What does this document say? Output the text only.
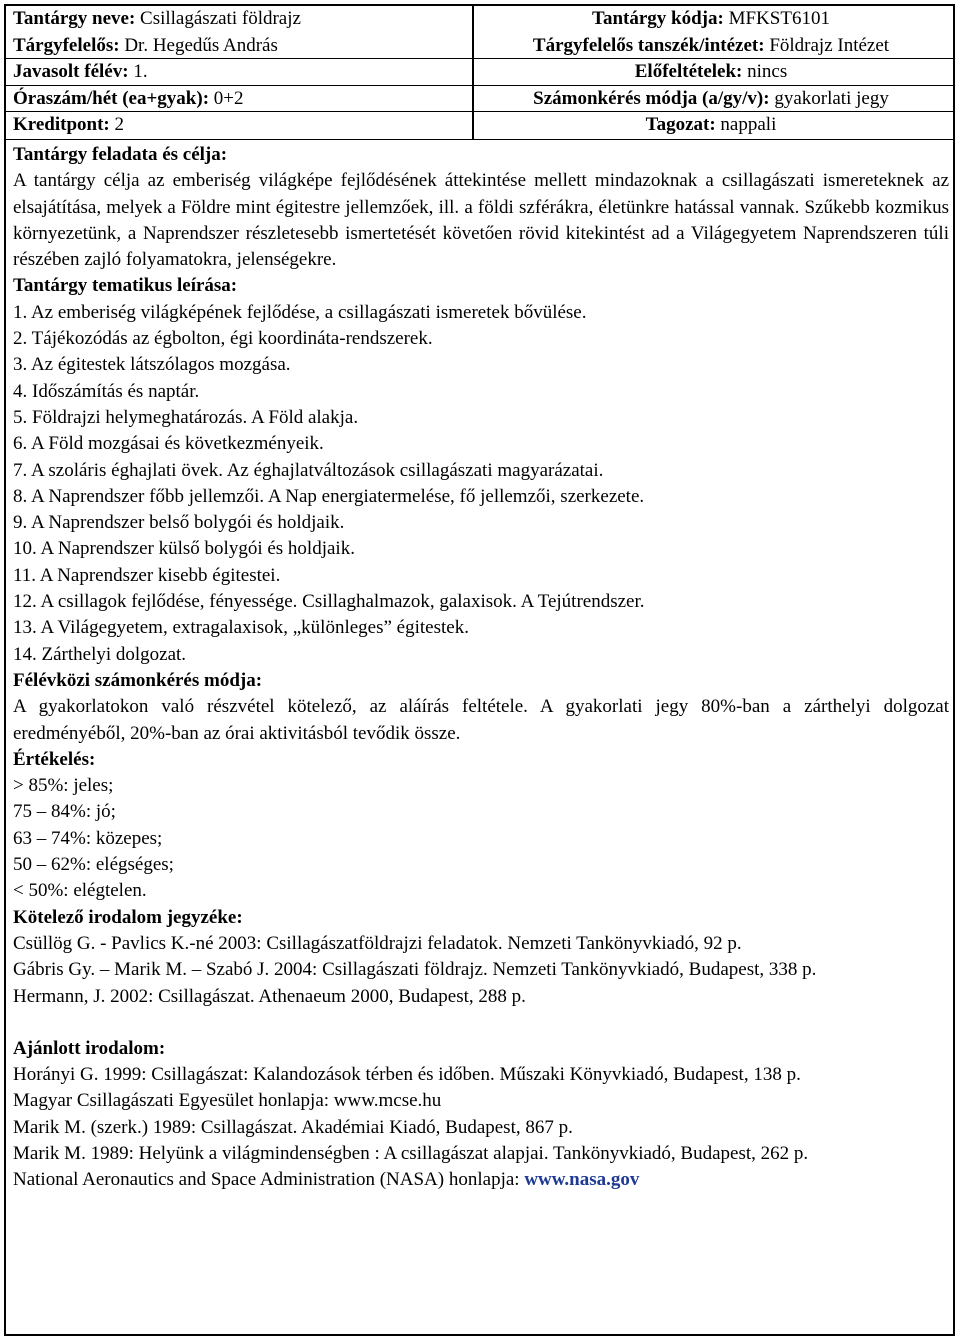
Tantárgy neve: Csillagászati földrajz	Tantárgy kódja: MFKST6101
Tárgyfelelős: Dr. Hegedűs András	Tárgyfelelős tanszék/intézet: Földrajz Intézet
Javasolt félév: 1.	Előfeltételek: nincs
Óraszám/hét (ea+gyak): 0+2	Számonkérés módja (a/gy/v): gyakorlati jegy
Kreditpont: 2	Tagozat: nappali
Tantárgy feladata és célja:
A tantárgy célja az emberiség világképe fejlődésének áttekintése mellett mindazoknak a csillagászati ismereteknek az elsajátítása, melyek a Földre mint égitestre jellemzőek, ill. a földi szférákra, életünkre hatással vannak. Szűkebb kozmikus környezetünk, a Naprendszer részletesebb ismertetését követően rövid kitekintést ad a Világegyetem Naprendszeren túli részében zajló folyamatokra, jelenségekre.
Tantárgy tematikus leírása:
1. Az emberiség világképének fejlődése, a csillagászati ismeretek bővülése.
2. Tájékozódás az égbolton, égi koordináta-rendszerek.
3. Az égitestek látszólagos mozgása.
4. Időszámítás és naptár.
5. Földrajzi helymeghatározás. A Föld alakja.
6. A Föld mozgásai és következményeik.
7. A szoláris éghajlati övek. Az éghajlatváltozások csillagászati magyarázatai.
8. A Naprendszer főbb jellemzői. A Nap energiatermelése, fő jellemzői, szerkezete.
9. A Naprendszer belső bolygói és holdjaik.
10. A Naprendszer külső bolygói és holdjaik.
11. A Naprendszer kisebb égitestei.
12. A csillagok fejlődése, fényessége. Csillaghalmazok, galaxisok. A Tejútrendszer.
13. A Világegyetem, extragalaxisok, „különleges” égitestek.
14. Zárthelyi dolgozat.
Félévközi számonkérés módja:
A gyakorlatokon való részvétel kötelező, az aláírás feltétele. A gyakorlati jegy 80%-ban a zárthelyi dolgozat eredményéből, 20%-ban az órai aktivitásból tevődik össze.
Értékelés:
> 85%: jeles;
75 – 84%: jó;
63 – 74%: közepes;
50 – 62%: elégséges;
< 50%: elégtelen.
Kötelező irodalom jegyzéke:
Csüllög G. - Pavlics K.-né 2003: Csillagászatföldrajzi feladatok. Nemzeti Tankönyvkiadó, 92 p.
Gábris Gy. – Marik M. – Szabó J. 2004: Csillagászati földrajz. Nemzeti Tankönyvkiadó, Budapest, 338 p.
Hermann, J. 2002: Csillagászat. Athenaeum 2000, Budapest, 288 p.
Ajánlott irodalom:
Horányi G. 1999: Csillagászat: Kalandozások térben és időben. Műszaki Könyvkiadó, Budapest, 138 p.
Magyar Csillagászati Egyesület honlapja: www.mcse.hu
Marik M. (szerk.) 1989: Csillagászat. Akadémiai Kiadó, Budapest, 867 p.
Marik M. 1989: Helyünk a világmindenségben : A csillagászat alapjai. Tankönyvkiadó, Budapest, 262 p.
National Aeronautics and Space Administration (NASA) honlapja: www.nasa.gov
